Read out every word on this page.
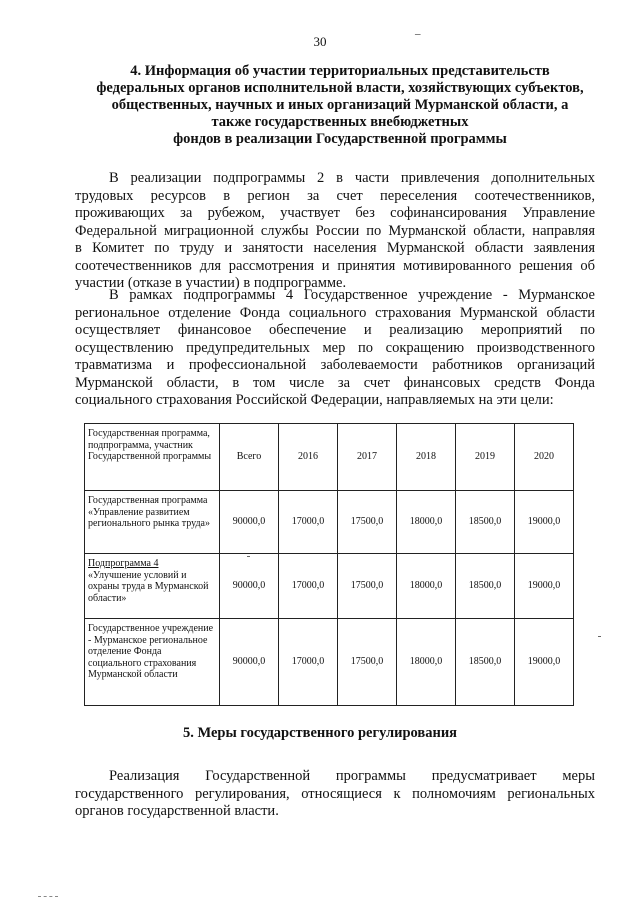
30	–
4. Информация об участии территориальных представительств
федеральных органов исполнительной власти, хозяйствующих субъектов,
общественных, научных и иных организаций Мурманской области, а
также государственных внебюджетных
фондов в реализации Государственной программы
В реализации подпрограммы 2 в части привлечения дополнительных
трудовых ресурсов в регион за счет переселения соотечественников,
проживающих за рубежом, участвует без софинансирования Управление
Федеральной миграционной службы России по Мурманской области, направляя
в Комитет по труду и занятости населения Мурманской области заявления
соотечественников для рассмотрения и принятия мотивированного решения об
участии (отказе в участии) в подпрограмме.
В рамках подпрограммы 4 Государственное учреждение - Мурманское
региональное отделение Фонда социального страхования Мурманской области
осуществляет финансовое обеспечение и реализацию мероприятий по
осуществлению предупредительных мер по сокращению производственного
травматизма и профессиональной заболеваемости работников организаций
Мурманской области, в том числе за счет финансовых средств Фонда
социального страхования Российской Федерации, направляемых на эти цели:
Государственная программа, подпрограмма, участник Государственной программы	Всего	2016	2017	2018	2019	2020
Государственная программа «Управление развитием регионального рынка труда»	90000,0	17000,0	17500,0	18000,0	18500,0	19000,0
Подпрограмма 4
«Улучшение условий и охраны труда в Мурманской области»	90000,0	17000,0	17500,0	18000,0	18500,0	19000,0
Государственное учреждение - Мурманское региональное отделение Фонда социального страхования Мурманской области	90000,0	17000,0	17500,0	18000,0	18500,0	19000,0
5. Меры государственного регулирования
Реализация Государственной программы предусматривает меры
государственного регулирования, относящиеся к полномочиям региональных
органов государственной власти.
